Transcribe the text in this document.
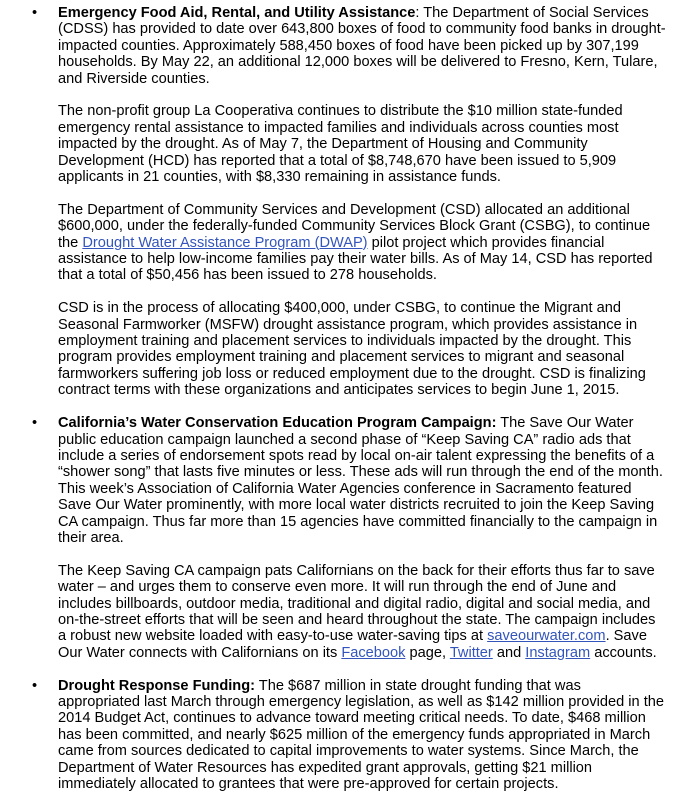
• Emergency Food Aid, Rental, and Utility Assistance: The Department of Social Services (CDSS) has provided to date over 643,800 boxes of food to community food banks in drought-impacted counties. Approximately 588,450 boxes of food have been picked up by 307,199 households. By May 22, an additional 12,000 boxes will be delivered to Fresno, Kern, Tulare, and Riverside counties.
The non-profit group La Cooperativa continues to distribute the $10 million state-funded emergency rental assistance to impacted families and individuals across counties most impacted by the drought. As of May 7, the Department of Housing and Community Development (HCD) has reported that a total of $8,748,670 have been issued to 5,909 applicants in 21 counties, with $8,330 remaining in assistance funds.
The Department of Community Services and Development (CSD) allocated an additional $600,000, under the federally-funded Community Services Block Grant (CSBG), to continue the Drought Water Assistance Program (DWAP) pilot project which provides financial assistance to help low-income families pay their water bills. As of May 14, CSD has reported that a total of $50,456 has been issued to 278 households.
CSD is in the process of allocating $400,000, under CSBG, to continue the Migrant and Seasonal Farmworker (MSFW) drought assistance program, which provides assistance in employment training and placement services to individuals impacted by the drought. This program provides employment training and placement services to migrant and seasonal farmworkers suffering job loss or reduced employment due to the drought. CSD is finalizing contract terms with these organizations and anticipates services to begin June 1, 2015.
• California’s Water Conservation Education Program Campaign: The Save Our Water public education campaign launched a second phase of “Keep Saving CA” radio ads that include a series of endorsement spots read by local on-air talent expressing the benefits of a “shower song” that lasts five minutes or less. These ads will run through the end of the month. This week’s Association of California Water Agencies conference in Sacramento featured Save Our Water prominently, with more local water districts recruited to join the Keep Saving CA campaign. Thus far more than 15 agencies have committed financially to the campaign in their area.
The Keep Saving CA campaign pats Californians on the back for their efforts thus far to save water – and urges them to conserve even more. It will run through the end of June and includes billboards, outdoor media, traditional and digital radio, digital and social media, and on-the-street efforts that will be seen and heard throughout the state. The campaign includes a robust new website loaded with easy-to-use water-saving tips at saveourwater.com. Save Our Water connects with Californians on its Facebook page, Twitter and Instagram accounts.
• Drought Response Funding: The $687 million in state drought funding that was appropriated last March through emergency legislation, as well as $142 million provided in the 2014 Budget Act, continues to advance toward meeting critical needs. To date, $468 million has been committed, and nearly $625 million of the emergency funds appropriated in March came from sources dedicated to capital improvements to water systems. Since March, the Department of Water Resources has expedited grant approvals, getting $21 million immediately allocated to grantees that were pre-approved for certain projects.
